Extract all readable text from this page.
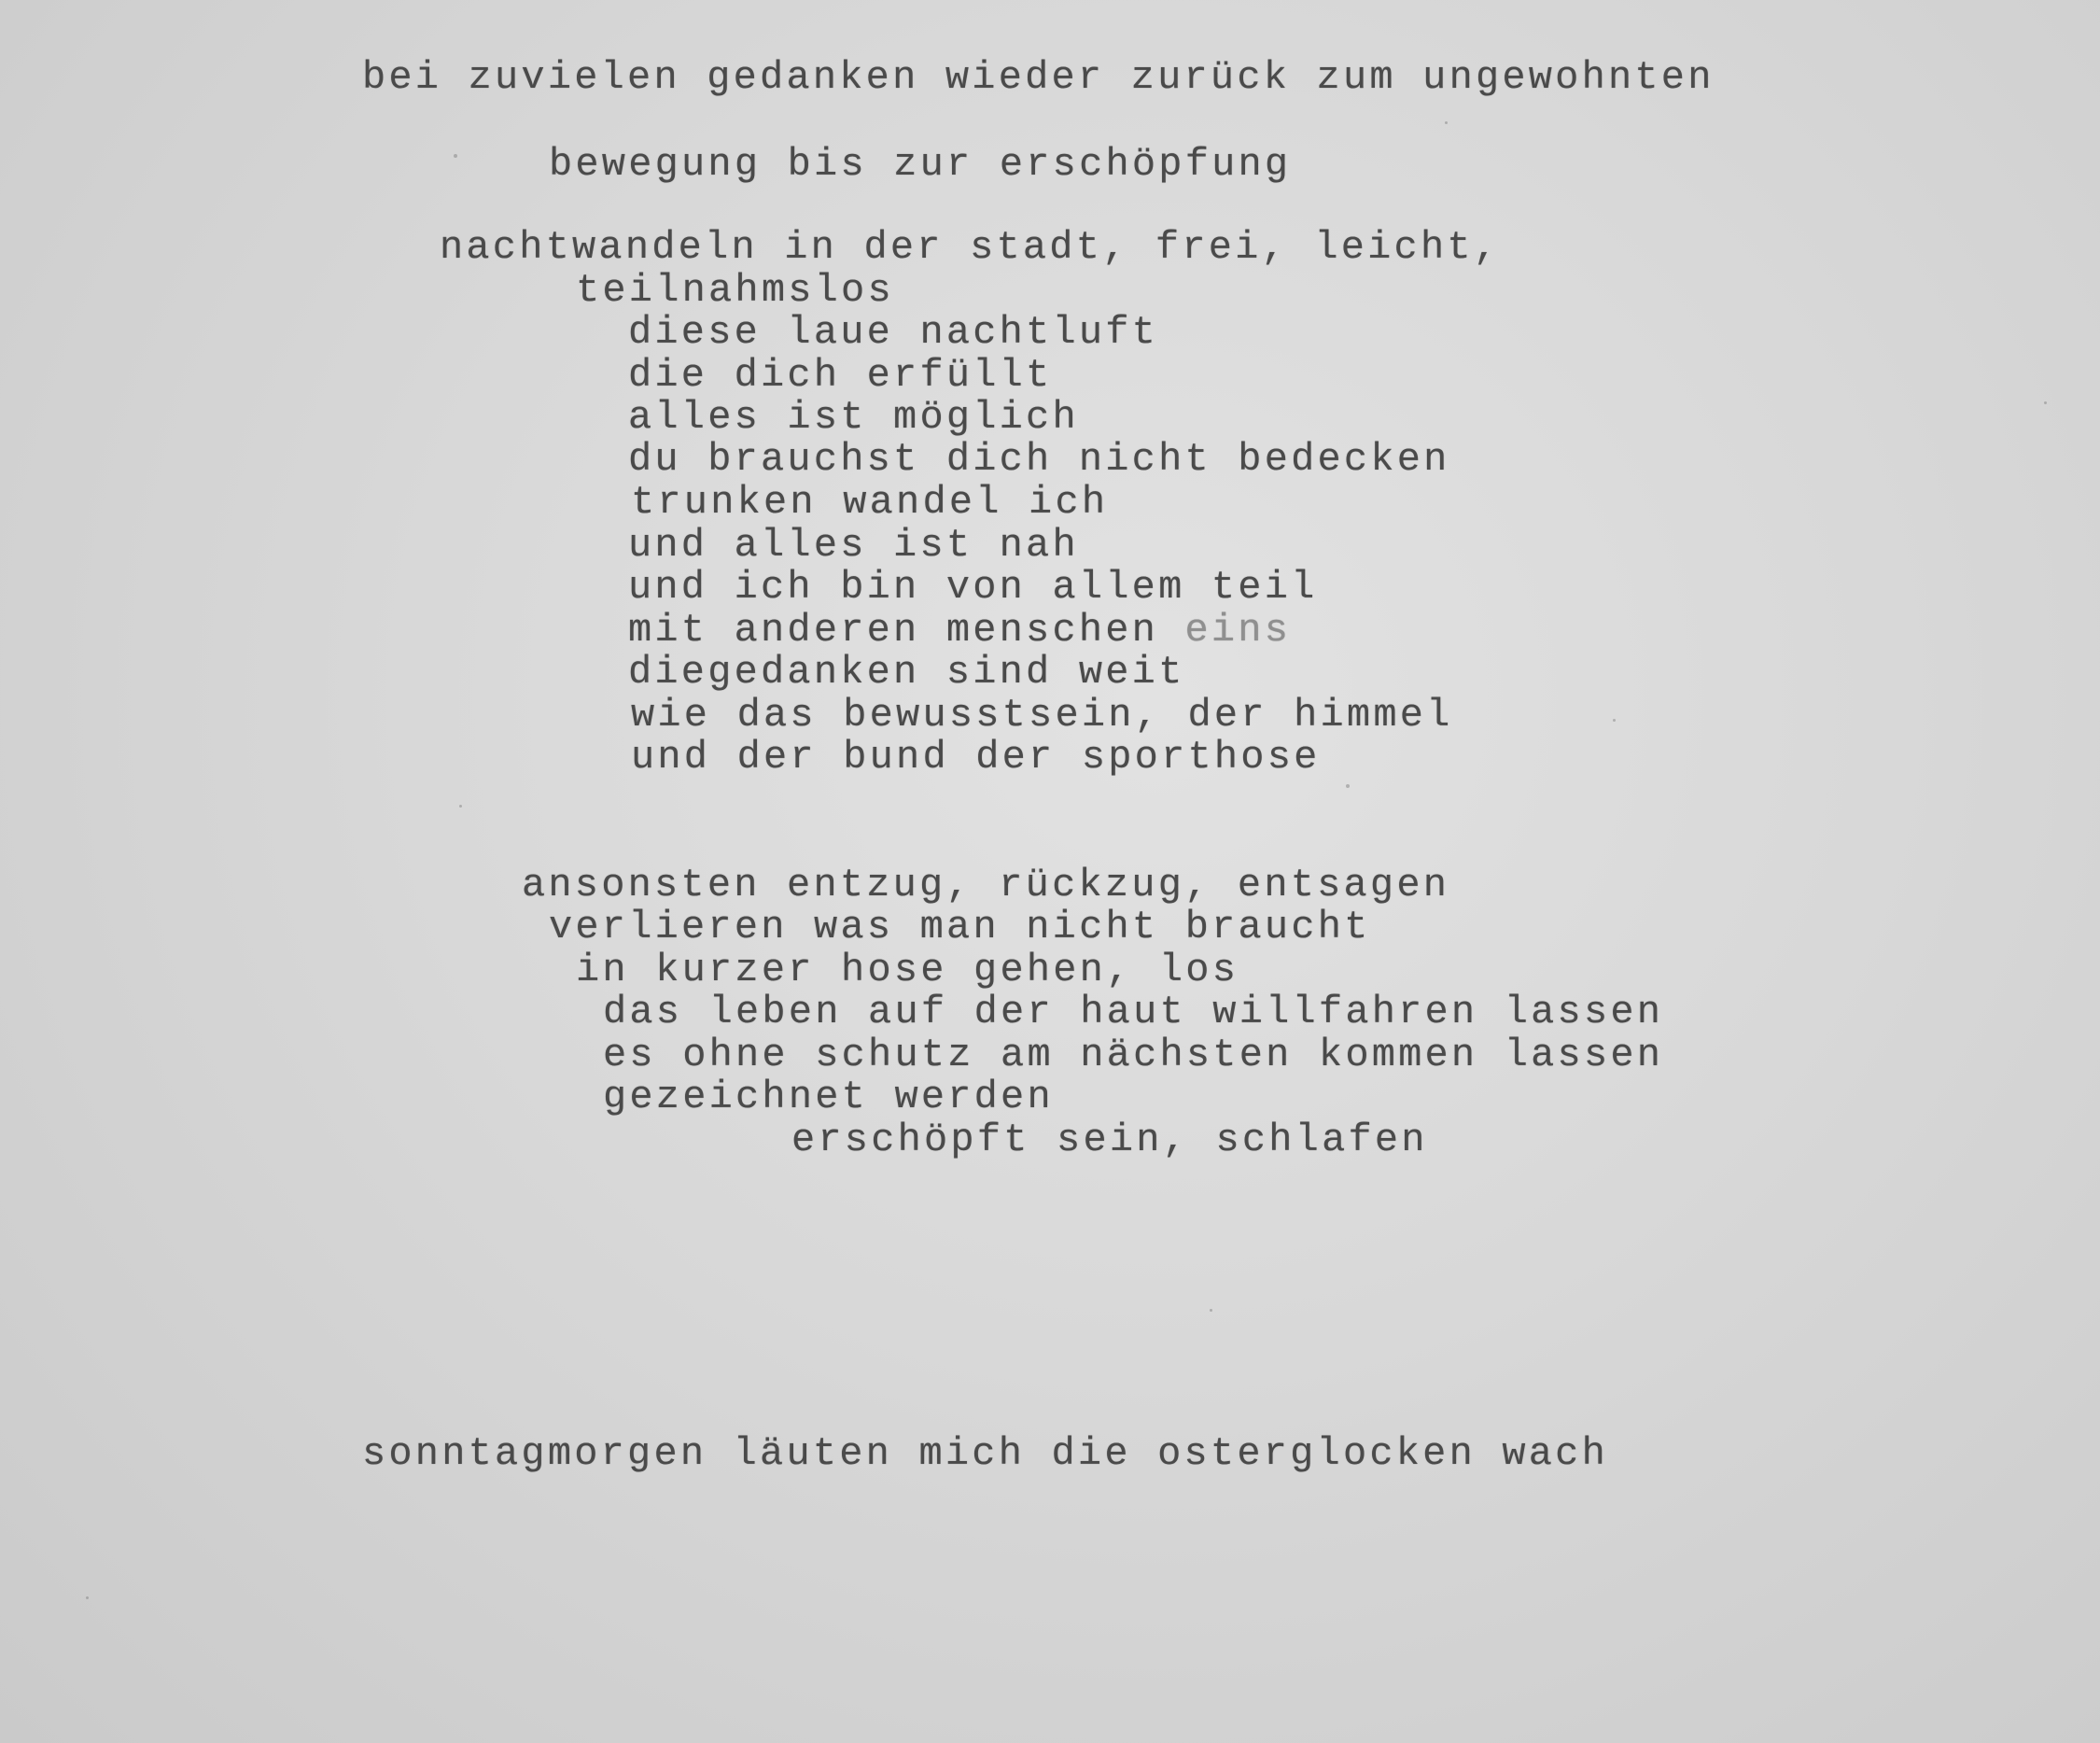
bei zuvielen gedanken wieder zurück zum ungewohnten
bewegung bis zur erschöpfung
nachtwandeln in der stadt, frei, leicht,
teilnahmslos
diese laue nachtluft
die dich erfüllt
alles ist möglich
du brauchst dich nicht bedecken
trunken wandel ich
und alles ist nah
und ich bin von allem teil
mit anderen menschen eins
diegedanken sind weit
wie das bewusstsein, der himmel
und der bund der sporthose
ansonsten entzug, rückzug, entsagen
verlieren was man nicht braucht
in kurzer hose gehen, los
das leben auf der haut willfahren lassen
es ohne schutz am nächsten kommen lassen
gezeichnet werden
erschöpft sein, schlafen
sonntagmorgen läuten mich die osterglocken wach
